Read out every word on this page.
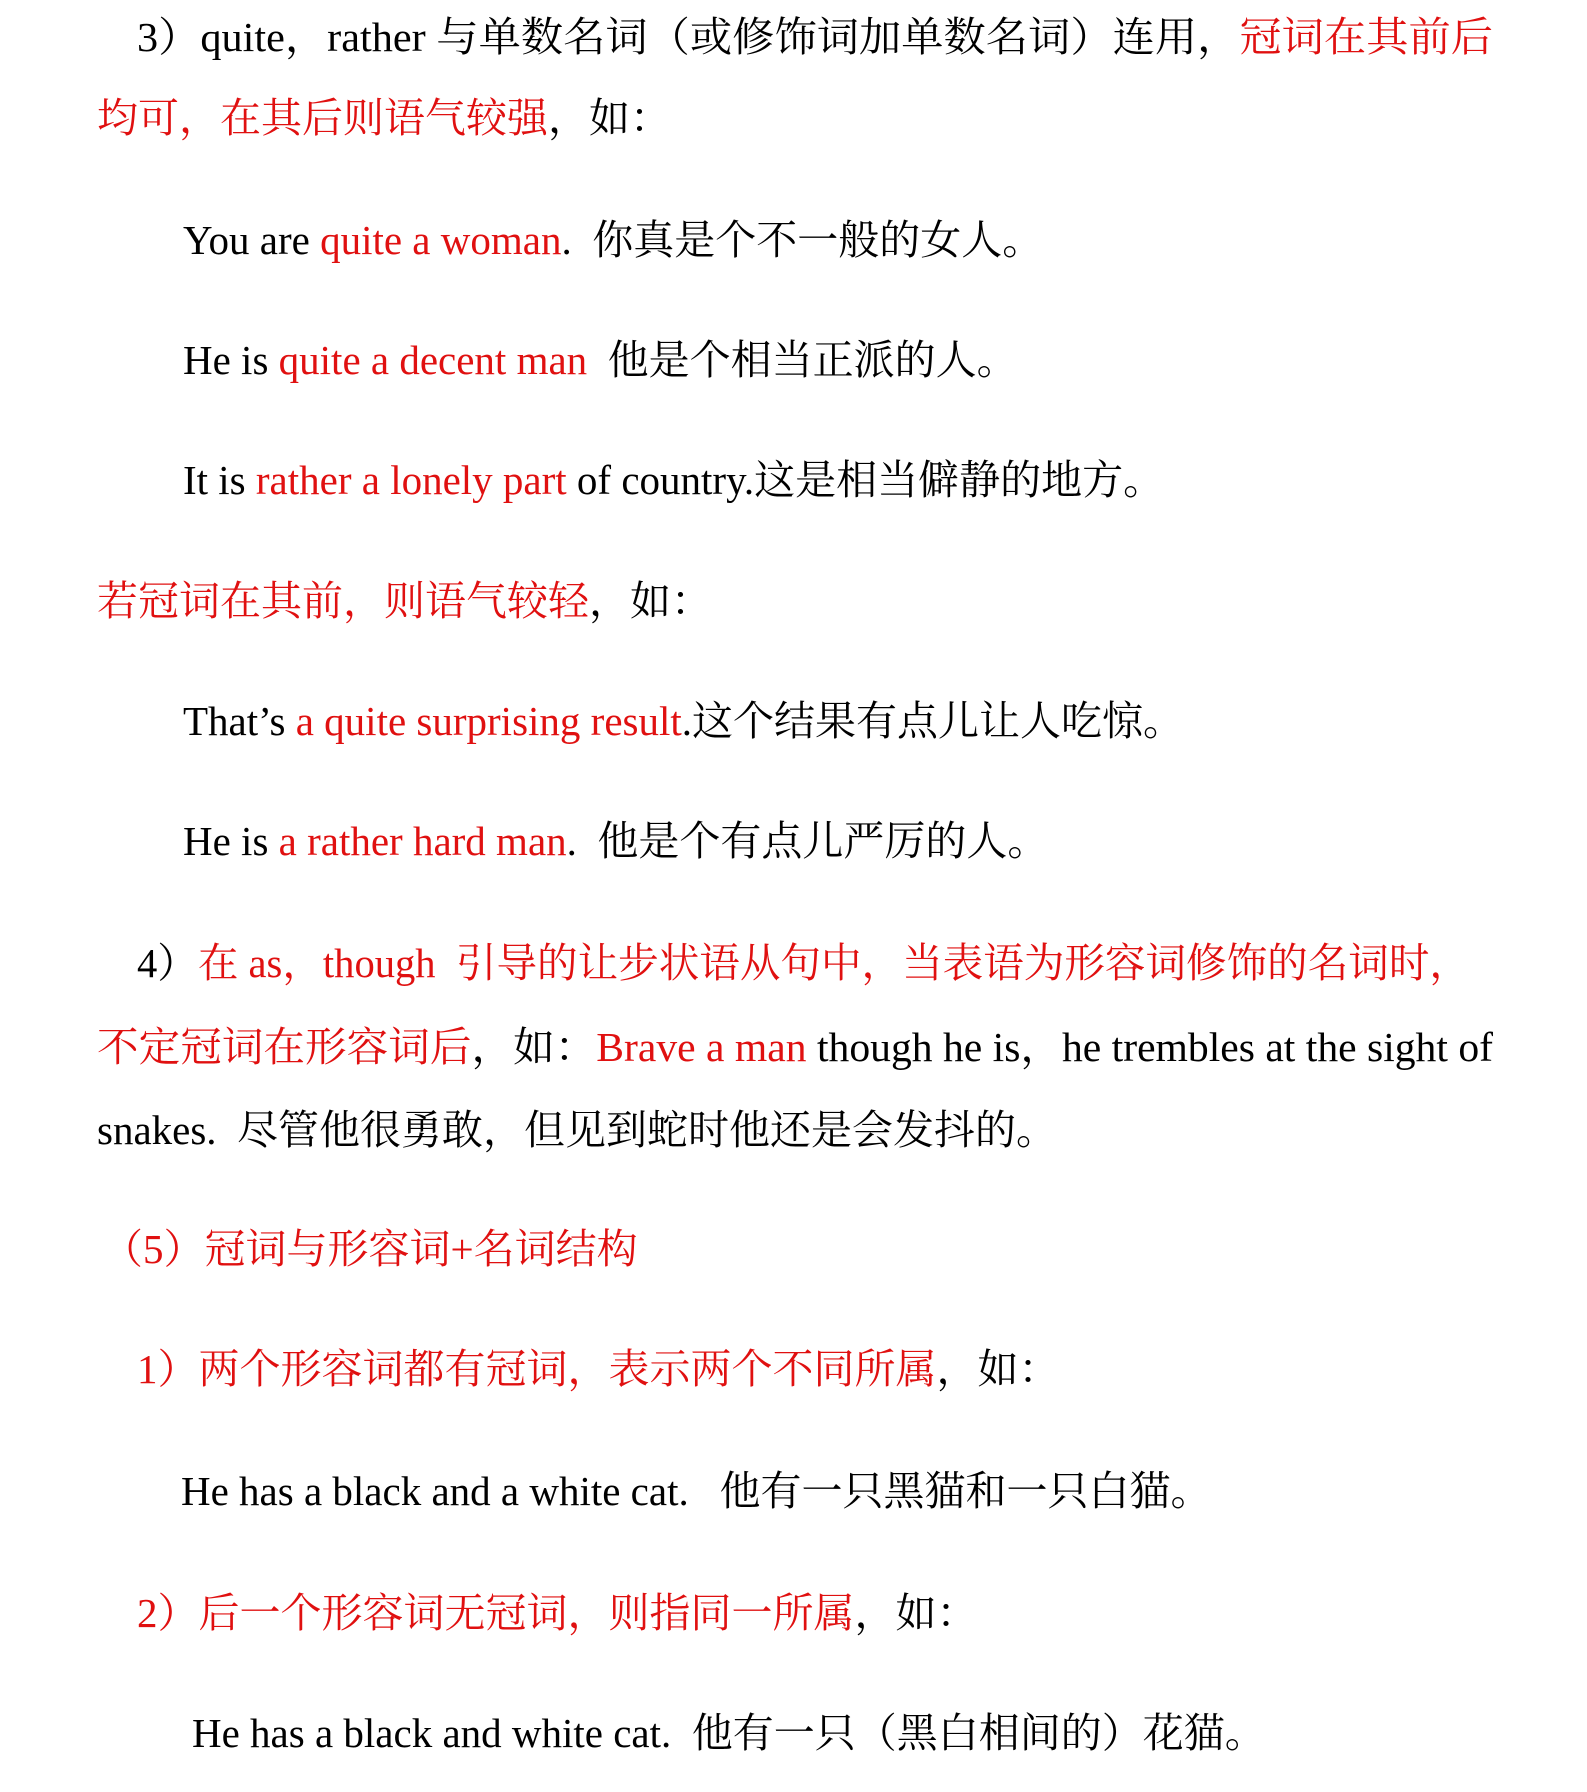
3）quite，rather 与单数名词（或修饰词加单数名词）连用，冠词在其前后
均可，在其后则语气较强，如：
You are quite a woman.  你真是个不一般的女人。
He is quite a decent man  他是个相当正派的人。
It is rather a lonely part of country.这是相当僻静的地方。
若冠词在其前，则语气较轻，如：
That’s a quite surprising result.这个结果有点儿让人吃惊。
He is a rather hard man.  他是个有点儿严厉的人。
4）在 as，though  引导的让步状语从句中，当表语为形容词修饰的名词时，
不定冠词在形容词后，如：Brave a man though he is，he trembles at the sight of
snakes.  尽管他很勇敢，但见到蛇时他还是会发抖的。
（5）冠词与形容词+名词结构
1）两个形容词都有冠词，表示两个不同所属，如：
He has a black and a white cat.   他有一只黑猫和一只白猫。
2）后一个形容词无冠词，则指同一所属，如：
He has a black and white cat.  他有一只（黑白相间的）花猫。
